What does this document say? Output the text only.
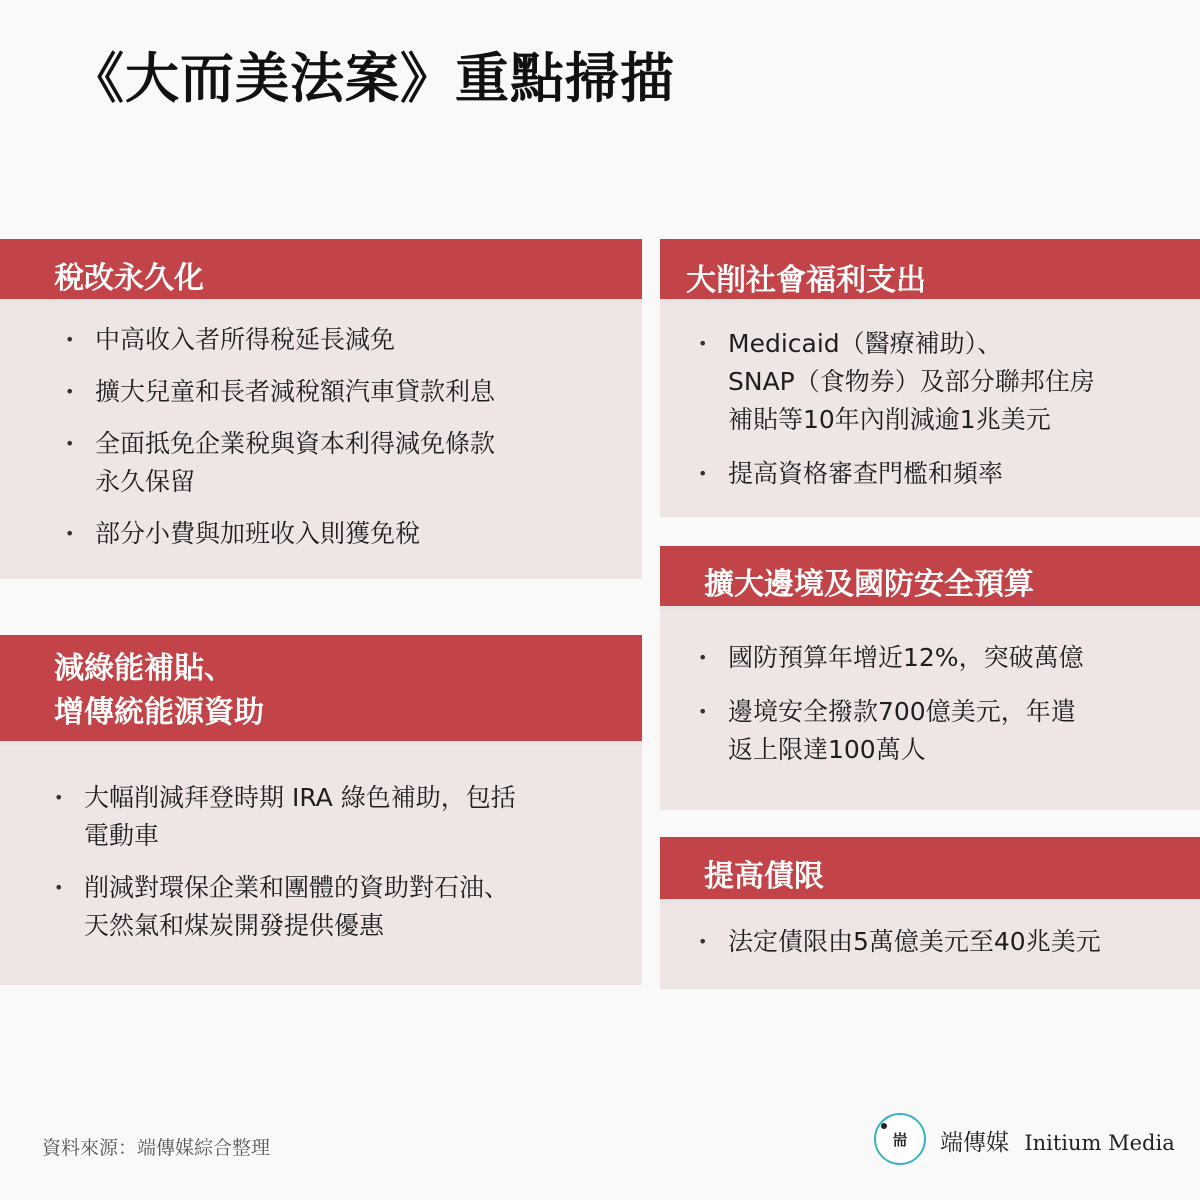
《大而美法案》重點掃描
稅改永久化
• 中高收入者所得稅延長減免
• 擴大兒童和長者減稅額汽車貸款利息
• 全面抵免企業稅與資本利得減免條款
永久保留
• 部分小費與加班收入則獲免稅
大削社會福利支出
• Medicaid（醫療補助）、
SNAP（食物券）及部分聯邦住房
補貼等10年內削減逾1兆美元
• 提高資格審查門檻和頻率
擴大邊境及國防安全預算
• 國防預算年增近12%，突破萬億
• 邊境安全撥款700億美元，年遣
返上限達100萬人
減綠能補貼、
增傳統能源資助
• 大幅削減拜登時期 IRA 綠色補助，包括
電動車
• 削減對環保企業和團體的資助對石油、
天然氣和煤炭開發提供優惠
提高債限
• 法定債限由5萬億美元至40兆美元
資料來源：端傳媒綜合整理	耑 端傳媒 Initium Media
